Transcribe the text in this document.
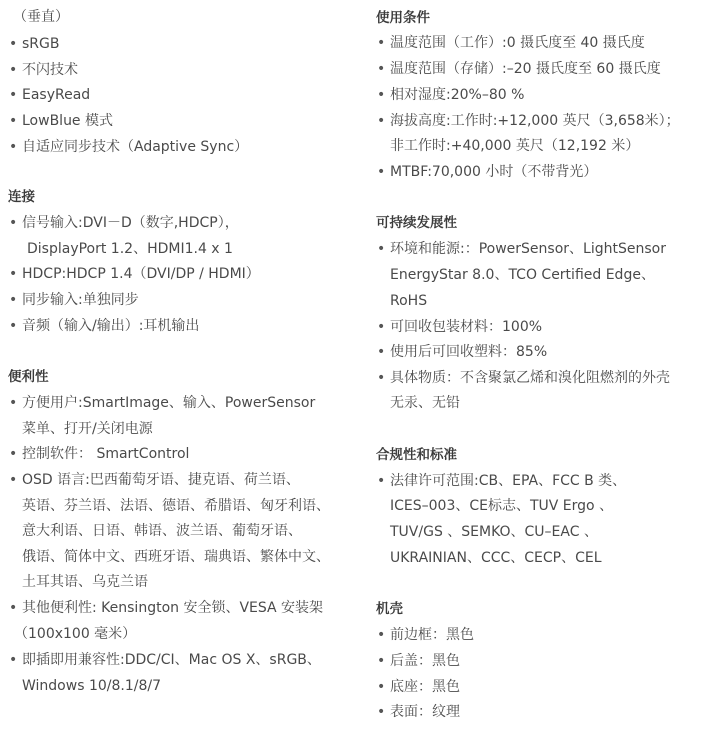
（垂直）
• sRGB
• 不闪技术
• EasyRead
• LowBlue 模式
• 自适应同步技术（Adaptive Sync）
连接
• 信号输入:DVI－D（数字,HDCP），
DisplayPort 1.2、HDMI1.4 x 1
• HDCP:HDCP 1.4（DVI/DP / HDMI）
• 同步输入:单独同步
• 音频（输入/输出）:耳机输出
便利性
• 方便用户:SmartImage、输入、PowerSensor
菜单、打开/关闭电源
• 控制软件： SmartControl
• OSD 语言:巴西葡萄牙语、捷克语、荷兰语、
英语、芬兰语、法语、德语、希腊语、匈牙利语、
意大利语、日语、韩语、波兰语、葡萄牙语、
俄语、简体中文、西班牙语、瑞典语、繁体中文、
土耳其语、乌克兰语
• 其他便利性: Kensington 安全锁、VESA 安装架
（100x100 毫米）
• 即插即用兼容性:DDC/CI、Mac OS X、sRGB、
Windows 10/8.1/8/7
使用条件
• 温度范围（工作）:0 摄氏度至 40 摄氏度
• 温度范围（存储）:–20 摄氏度至 60 摄氏度
• 相对湿度:20%–80 %
• 海拔高度:工作时:+12,000 英尺（3,658米）；
非工作时:+40,000 英尺（12,192 米）
• MTBF:70,000 小时（不带背光）
可持续发展性
• 环境和能源:：PowerSensor、LightSensor
EnergyStar 8.0、TCO Certified Edge、
RoHS
• 可回收包装材料：100%
• 使用后可回收塑料：85%
• 具体物质：不含聚氯乙烯和溴化阻燃剂的外壳
无汞、无铅
合规性和标准
• 法律许可范围:CB、EPA、FCC B 类、
ICES–003、CE标志、TUV Ergo 、
TUV/GS 、SEMKO、CU–EAC 、
UKRAINIAN、CCC、CECP、CEL
机壳
• 前边框：黑色
• 后盖：黑色
• 底座：黑色
• 表面：纹理
